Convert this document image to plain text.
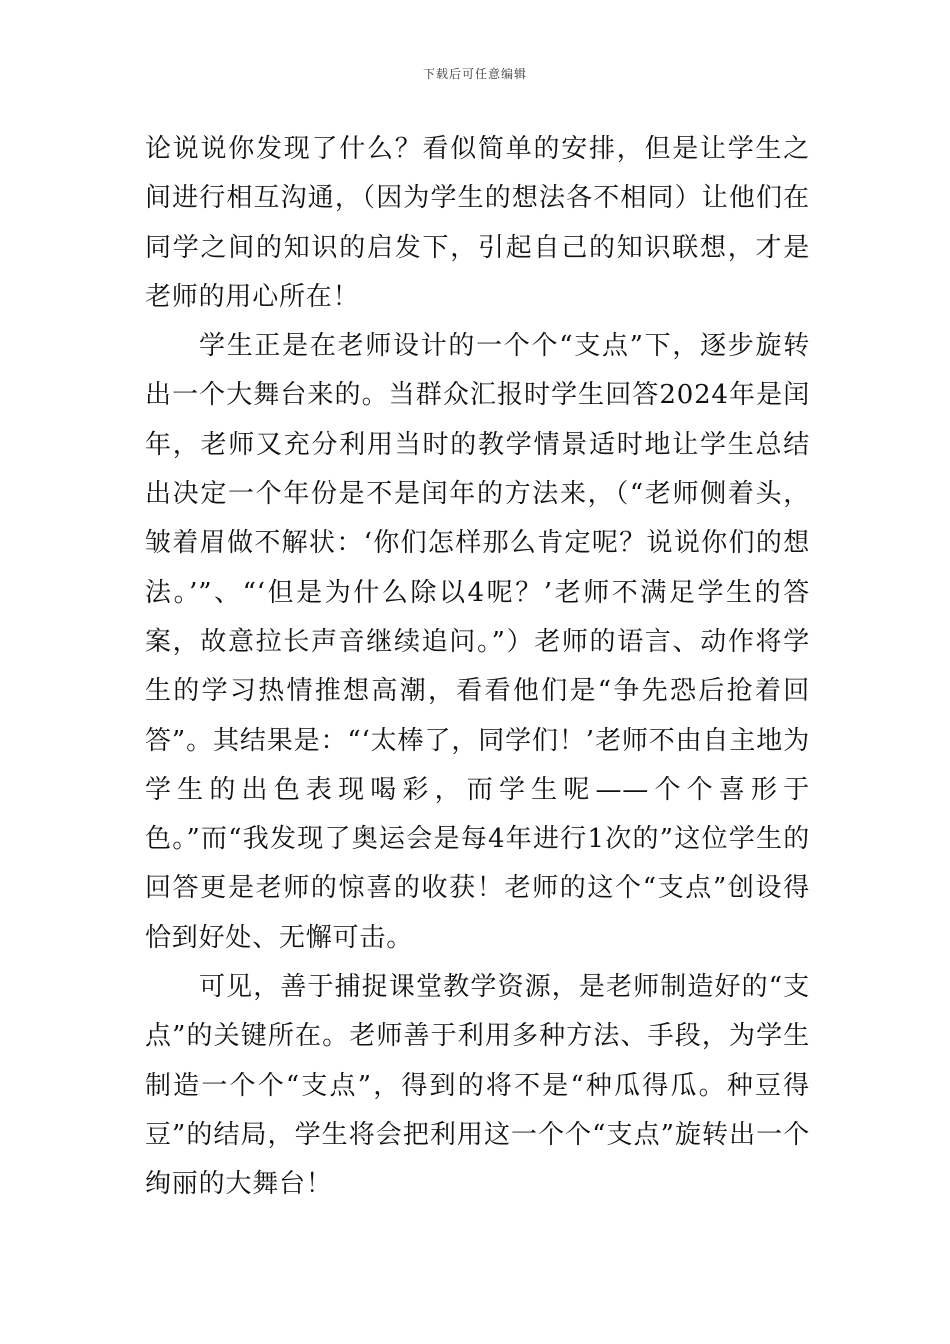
下载后可任意编辑

论说说你发现了什么？看似简单的安排，但是让学生之间进行相互沟通，（因为学生的想法各不相同）让他们在同学之间的知识的启发下，引起自己的知识联想，才是老师的用心所在！

学生正是在老师设计的一个个“支点”下，逐步旋转出一个大舞台来的。当群众汇报时学生回答2024年是闰年，老师又充分利用当时的教学情景适时地让学生总结出决定一个年份是不是闰年的方法来，（“老师侧着头，皱着眉做不解状：‘你们怎样那么肯定呢？说说你们的想法。’”、“‘但是为什么除以4呢？’老师不满足学生的答案，故意拉长声音继续追问。”）老师的语言、动作将学生的学习热情推想高潮，看看他们是“争先恐后抢着回答”。其结果是：“‘太棒了，同学们！’老师不由自主地为学生的出色表现喝彩，而学生呢——个个喜形于色。”而“我发现了奥运会是每4年进行1次的”这位学生的回答更是老师的惊喜的收获！老师的这个“支点”创设得恰到好处、无懈可击。

可见，善于捕捉课堂教学资源，是老师制造好的“支点”的关键所在。老师善于利用多种方法、手段，为学生制造一个个“支点”，得到的将不是“种瓜得瓜。种豆得豆”的结局，学生将会把利用这一个个“支点”旋转出一个绚丽的大舞台！
